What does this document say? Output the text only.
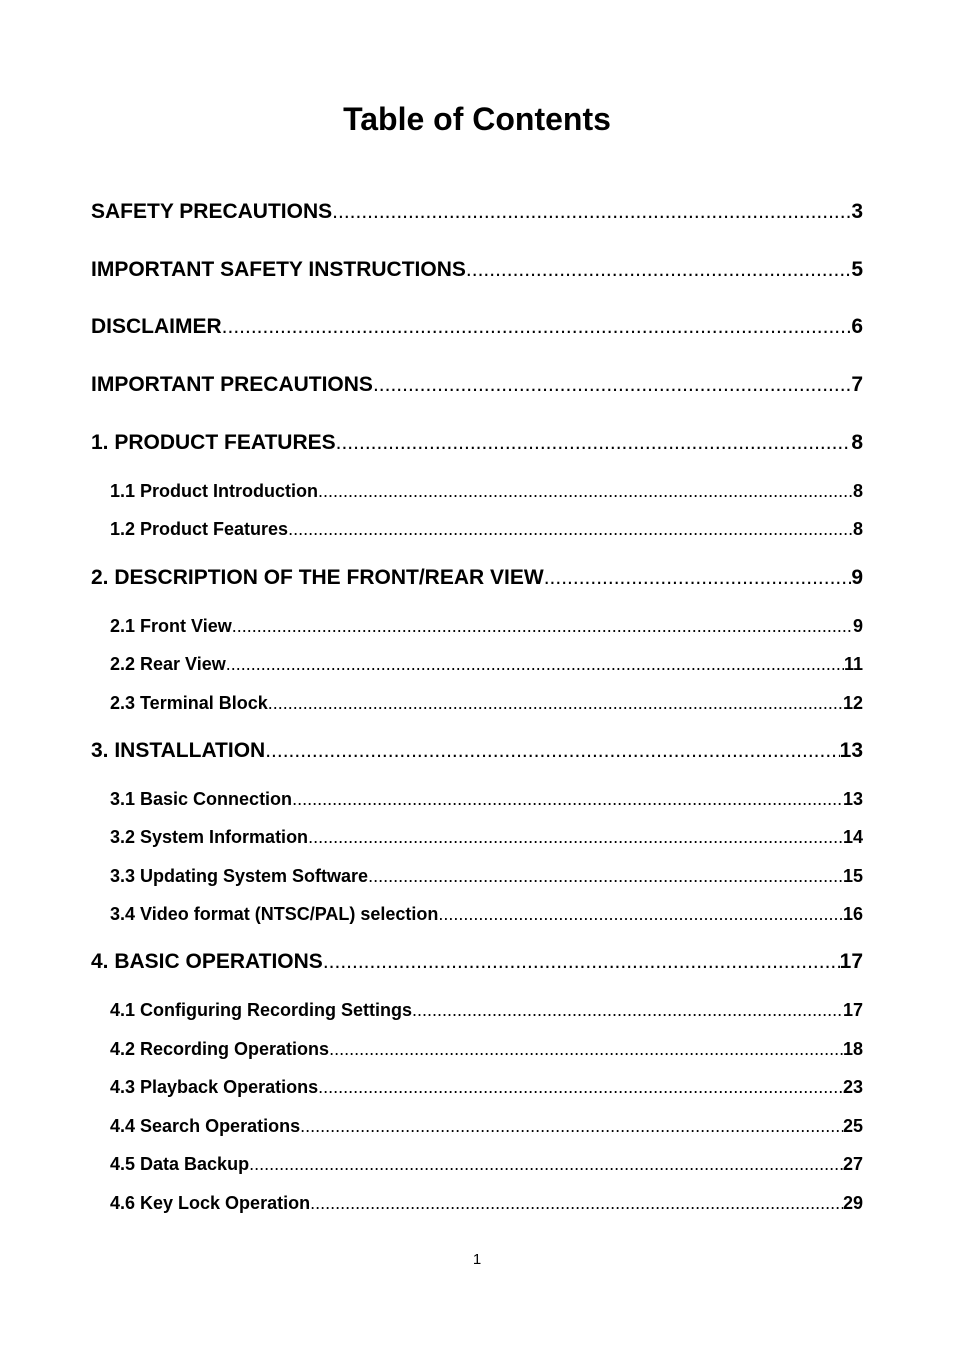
Table of Contents
SAFETY PRECAUTIONS .....	3
IMPORTANT SAFETY INSTRUCTIONS .....	5
DISCLAIMER .....	6
IMPORTANT PRECAUTIONS .....	7
1. PRODUCT FEATURES .....	8
1.1 Product Introduction .....	8
1.2 Product Features .....	8
2. DESCRIPTION OF THE FRONT/REAR VIEW .....	9
2.1 Front View .....	9
2.2 Rear View .....	11
2.3 Terminal Block .....	12
3. INSTALLATION .....	13
3.1 Basic Connection .....	13
3.2 System Information .....	14
3.3 Updating System Software .....	15
3.4 Video format (NTSC/PAL) selection .....	16
4. BASIC OPERATIONS .....	17
4.1 Configuring Recording Settings .....	17
4.2 Recording Operations .....	18
4.3 Playback Operations .....	23
4.4 Search Operations .....	25
4.5 Data Backup .....	27
4.6 Key Lock Operation .....	29
1
